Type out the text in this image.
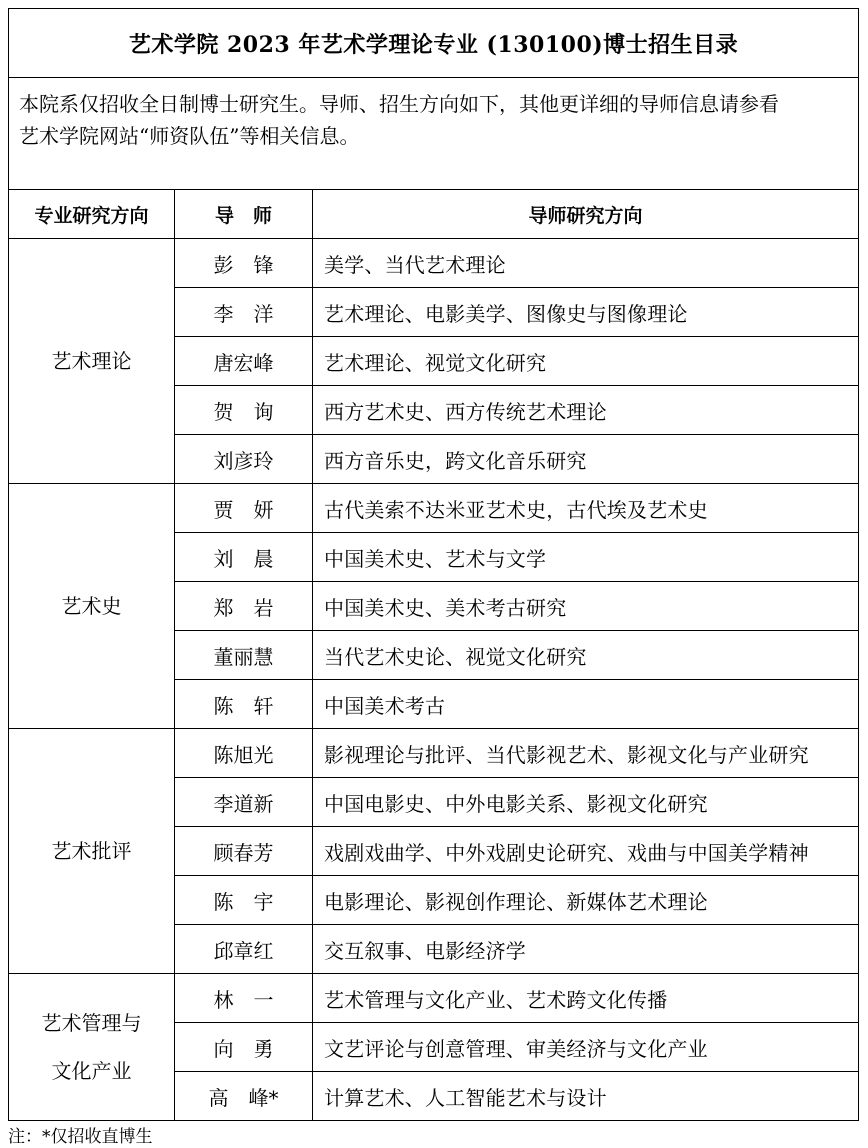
艺术学院 2023 年艺术学理论专业 (130100)博士招生目录		

本院系仅招收全日制博士研究生。导师、招生方向如下，其他更详细的导师信息请参看
艺术学院网站“师资队伍”等相关信息。		

专业研究方向	导　师	导师研究方向

艺术理论	彭　锋	美学、当代艺术理论
	李　洋	艺术理论、电影美学、图像史与图像理论
	唐宏峰	艺术理论、视觉文化研究
	贺　询	西方艺术史、西方传统艺术理论
	刘彦玲	西方音乐史，跨文化音乐研究

艺术史	贾　妍	古代美索不达米亚艺术史，古代埃及艺术史
	刘　晨	中国美术史、艺术与文学
	郑　岩	中国美术史、美术考古研究
	董丽慧	当代艺术史论、视觉文化研究
	陈　轩	中国美术考古

艺术批评	陈旭光	影视理论与批评、当代影视艺术、影视文化与产业研究
	李道新	中国电影史、中外电影关系、影视文化研究
	顾春芳	戏剧戏曲学、中外戏剧史论研究、戏曲与中国美学精神
	陈　宇	电影理论、影视创作理论、新媒体艺术理论
	邱章红	交互叙事、电影经济学

艺术管理与
文化产业	林　一	艺术管理与文化产业、艺术跨文化传播
	向　勇	文艺评论与创意管理、审美经济与文化产业
	高　峰*	计算艺术、人工智能艺术与设计
注：*仅招收直博生
